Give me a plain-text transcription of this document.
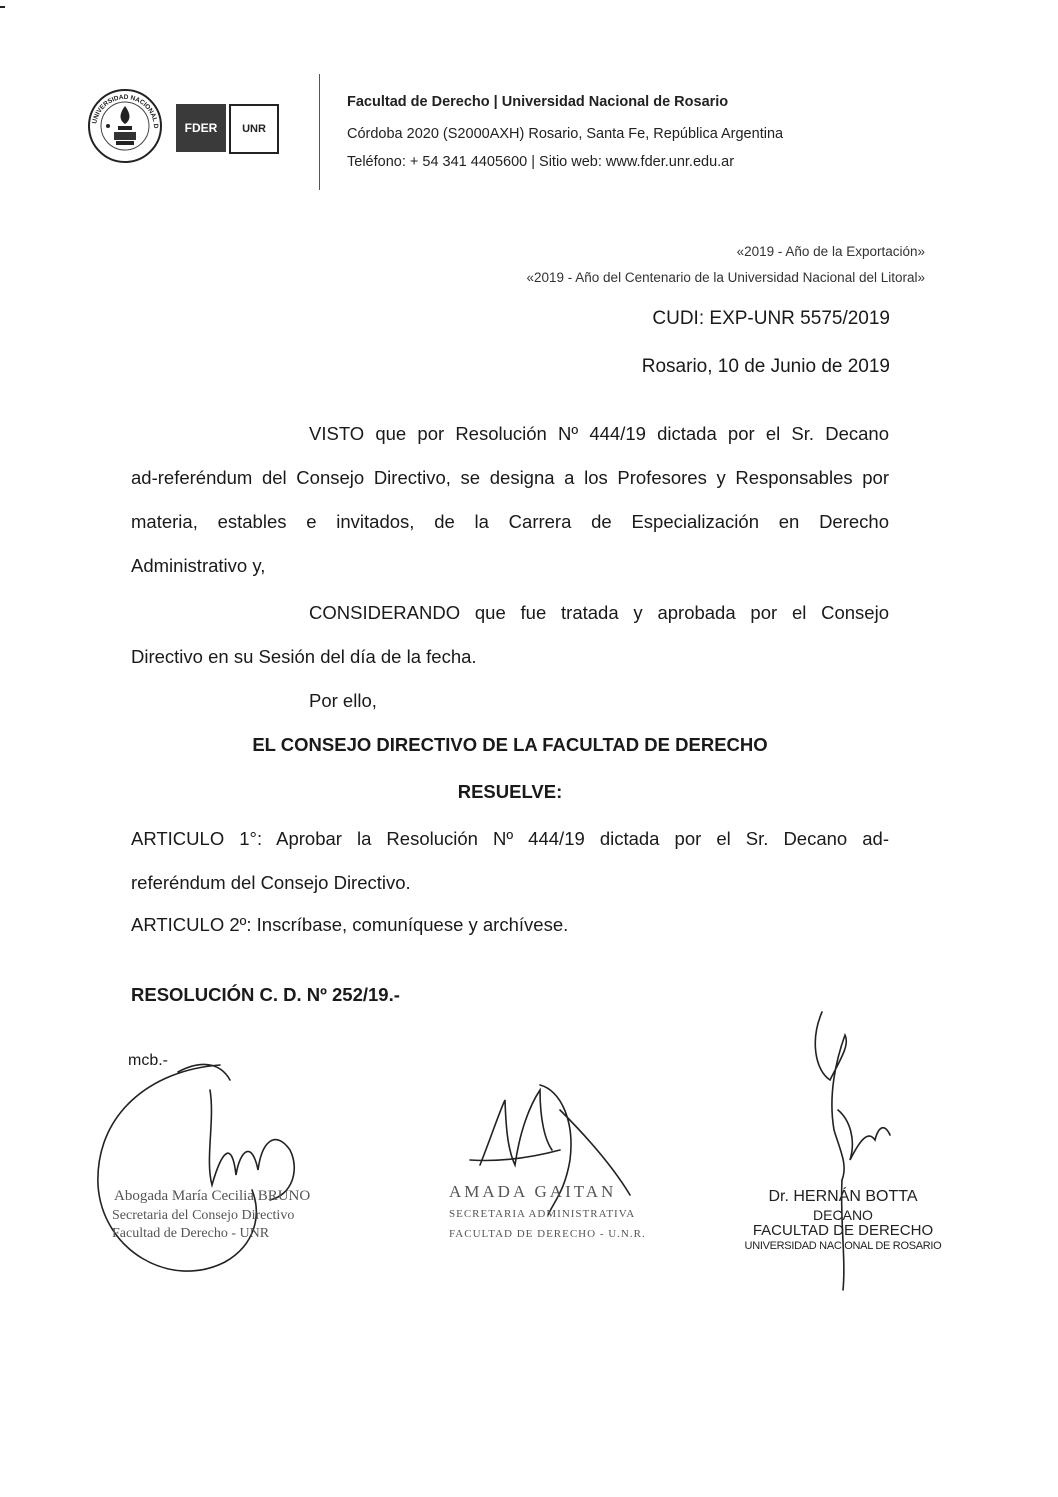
UNIVERSIDAD NACIONAL D	FDER	UNR
Facultad de Derecho | Universidad Nacional de Rosario
Córdoba 2020 (S2000AXH) Rosario, Santa Fe, República Argentina
Teléfono: + 54 341 4405600 | Sitio web: www.fder.unr.edu.ar
«2019 - Año de la Exportación»
«2019 - Año del Centenario de la Universidad Nacional del Litoral»
CUDI: EXP-UNR 5575/2019
Rosario, 10 de Junio de 2019
VISTO que por Resolución Nº 444/19 dictada por el Sr. Decano
ad-referéndum del Consejo Directivo, se designa a los Profesores y Responsables por
materia, estables e invitados, de la Carrera de Especialización en Derecho
Administrativo y,
CONSIDERANDO que fue tratada y aprobada por el Consejo
Directivo en su Sesión del día de la fecha.
Por ello,
EL CONSEJO DIRECTIVO DE LA FACULTAD DE DERECHO
RESUELVE:
ARTICULO 1°: Aprobar la Resolución Nº 444/19 dictada por el Sr. Decano ad-
referéndum del Consejo Directivo.
ARTICULO 2º: Inscríbase, comuníquese y archívese.
RESOLUCIÓN C. D. Nº 252/19.-
mcb.-
Abogada María Cecilia BRUNO
Secretaria del Consejo Directivo
Facultad de Derecho - UNR
AMADA GAITAN
SECRETARIA ADMINISTRATIVA
FACULTAD DE DERECHO - U.N.R.
Dr. HERNÁN BOTTA
DECANO
FACULTAD DE DERECHO
UNIVERSIDAD NACIONAL DE ROSARIO
